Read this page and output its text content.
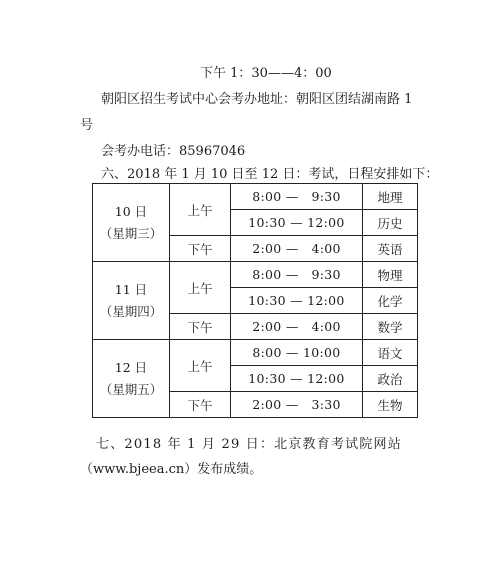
下午 1：30——4：00
朝阳区招生考试中心会考办地址：朝阳区团结湖南路 1
号
会考办电话：85967046
六、2018 年 1 月 10 日至 12 日：考试，日程安排如下：
10 日
（星期三）	上午	8:00 —   9:30	地理
		10:30 — 12:00	历史
	下午	2:00 —   4:00	英语

11 日
（星期四）	上午	8:00 —   9:30	物理
		10:30 — 12:00	化学
	下午	2:00 —   4:00	数学

12 日
（星期五）	上午	8:00 — 10:00	语文
		10:30 — 12:00	政治
	下午	2:00 —   3:30	生物
七、2018 年 1 月 29 日：北京教育考试院网站
（www.bjeea.cn）发布成绩。
